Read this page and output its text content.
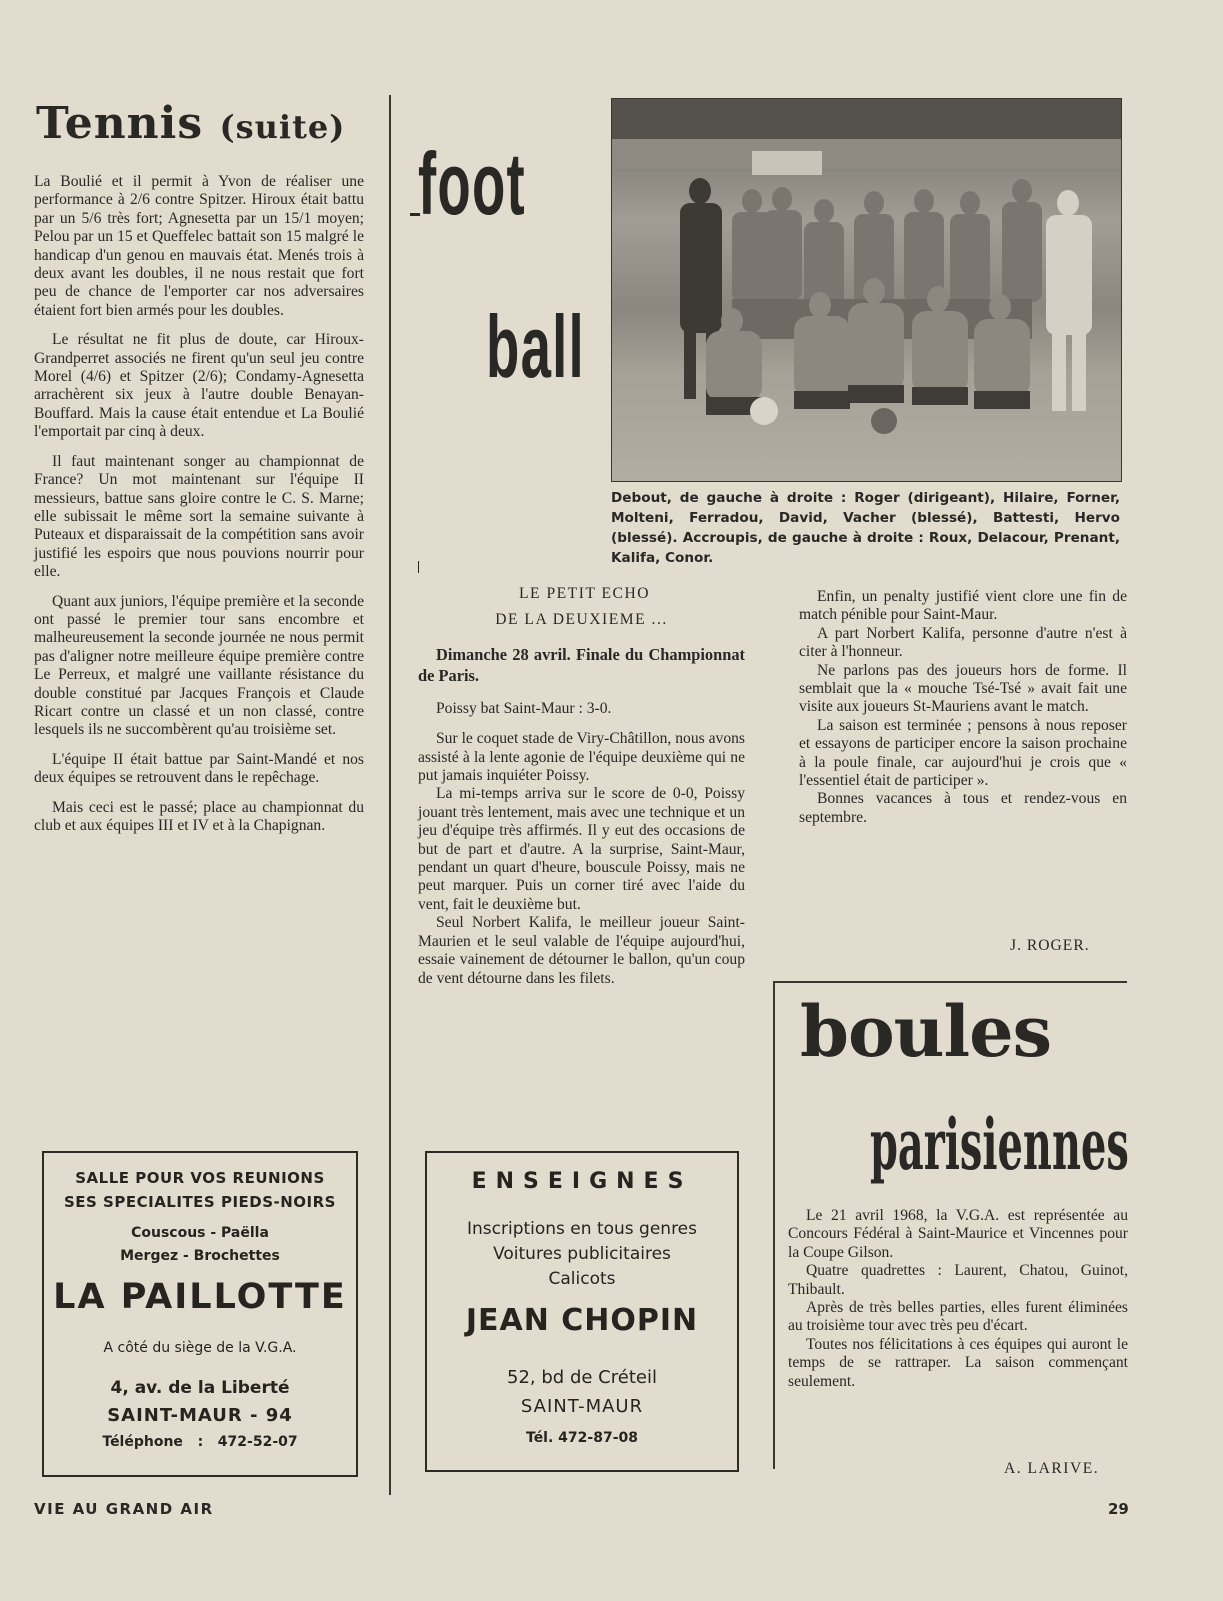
Tennis (suite)

La Boulié et il permit à Yvon de réaliser une performance à 2/6 contre Spitzer. Hiroux était battu par un 5/6 très fort; Agnesetta par un 15/1 moyen; Pelou par un 15 et Queffelec battait son 15 malgré le handicap d'un genou en mauvais état. Menés trois à deux avant les doubles, il ne nous restait que fort peu de chance de l'emporter car nos adversaires étaient fort bien armés pour les doubles.

Le résultat ne fit plus de doute, car Hiroux-Grandperret associés ne firent qu'un seul jeu contre Morel (4/6) et Spitzer (2/6); Condamy-Agnesetta arrachèrent six jeux à l'autre double Benayan-Bouffard. Mais la cause était entendue et La Boulié l'emportait par cinq à deux.

Il faut maintenant songer au championnat de France? Un mot maintenant sur l'équipe II messieurs, battue sans gloire contre le C. S. Marne; elle subissait le même sort la semaine suivante à Puteaux et disparaissait de la compétition sans avoir justifié les espoirs que nous pouvions nourrir pour elle.

Quant aux juniors, l'équipe première et la seconde ont passé le premier tour sans encombre et malheureusement la seconde journée ne nous permit pas d'aligner notre meilleure équipe première contre Le Perreux, et malgré une vaillante résistance du double constitué par Jacques François et Claude Ricart contre un classé et un non classé, contre lesquels ils ne succombèrent qu'au troisième set.

L'équipe II était battue par Saint-Mandé et nos deux équipes se retrouvent dans le repêchage.

Mais ceci est le passé; place au championnat du club et aux équipes III et IV et à la Chapignan.

SALLE POUR VOS REUNIONS
SES SPECIALITES PIEDS-NOIRS
Couscous - Paëlla
Mergez - Brochettes
LA PAILLOTTE
A côté du siège de la V.G.A.
4, av. de la Liberté
SAINT-MAUR - 94
Téléphone : 472-52-07
foot
ball
Debout, de gauche à droite : Roger (dirigeant), Hilaire, Forner, Molteni, Ferradou, David, Vacher (blessé), Battesti, Hervo (blessé). Accroupis, de gauche à droite : Roux, Delacour, Prenant, Kalifa, Conor.
LE PETIT ECHO
DE LA DEUXIEME ...
Dimanche 28 avril. Finale du Championnat de Paris.
Poissy bat Saint-Maur : 3-0.

Sur le coquet stade de Viry-Châtillon, nous avons assisté à la lente agonie de l'équipe deuxième qui ne put jamais inquiéter Poissy.

La mi-temps arriva sur le score de 0-0, Poissy jouant très lentement, mais avec une technique et un jeu d'équipe très affirmés. Il y eut des occasions de but de part et d'autre. A la surprise, Saint-Maur, pendant un quart d'heure, bouscule Poissy, mais ne peut marquer. Puis un corner tiré avec l'aide du vent, fait le deuxième but.

Seul Norbert Kalifa, le meilleur joueur Saint-Maurien et le seul valable de l'équipe aujourd'hui, essaie vainement de détourner le ballon, qu'un coup de vent détourne dans les filets.

Enfin, un penalty justifié vient clore une fin de match pénible pour Saint-Maur.

A part Norbert Kalifa, personne d'autre n'est à citer à l'honneur.

Ne parlons pas des joueurs hors de forme. Il semblait que la « mouche Tsé-Tsé » avait fait une visite aux joueurs St-Mauriens avant le match.

La saison est terminée ; pensons à nous reposer et essayons de participer encore la saison prochaine à la poule finale, car aujourd'hui je crois que « l'essentiel était de participer ».

Bonnes vacances à tous et rendez-vous en septembre.

J. ROGER.
ENSEIGNES
Inscriptions en tous genres
Voitures publicitaires
Calicots
JEAN CHOPIN
52, bd de Créteil
SAINT-MAUR
Tél. 472-87-08
boules
parisiennes

Le 21 avril 1968, la V.G.A. est représentée au Concours Fédéral à Saint-Maurice et Vincennes pour la Coupe Gilson.

Quatre quadrettes : Laurent, Chatou, Guinot, Thibault.

Après de très belles parties, elles furent éliminées au troisième tour avec très peu d'écart.

Toutes nos félicitations à ces équipes qui auront le temps de se rattraper. La saison commençant seulement.

A. LARIVE.
VIE AU GRAND AIR	29
